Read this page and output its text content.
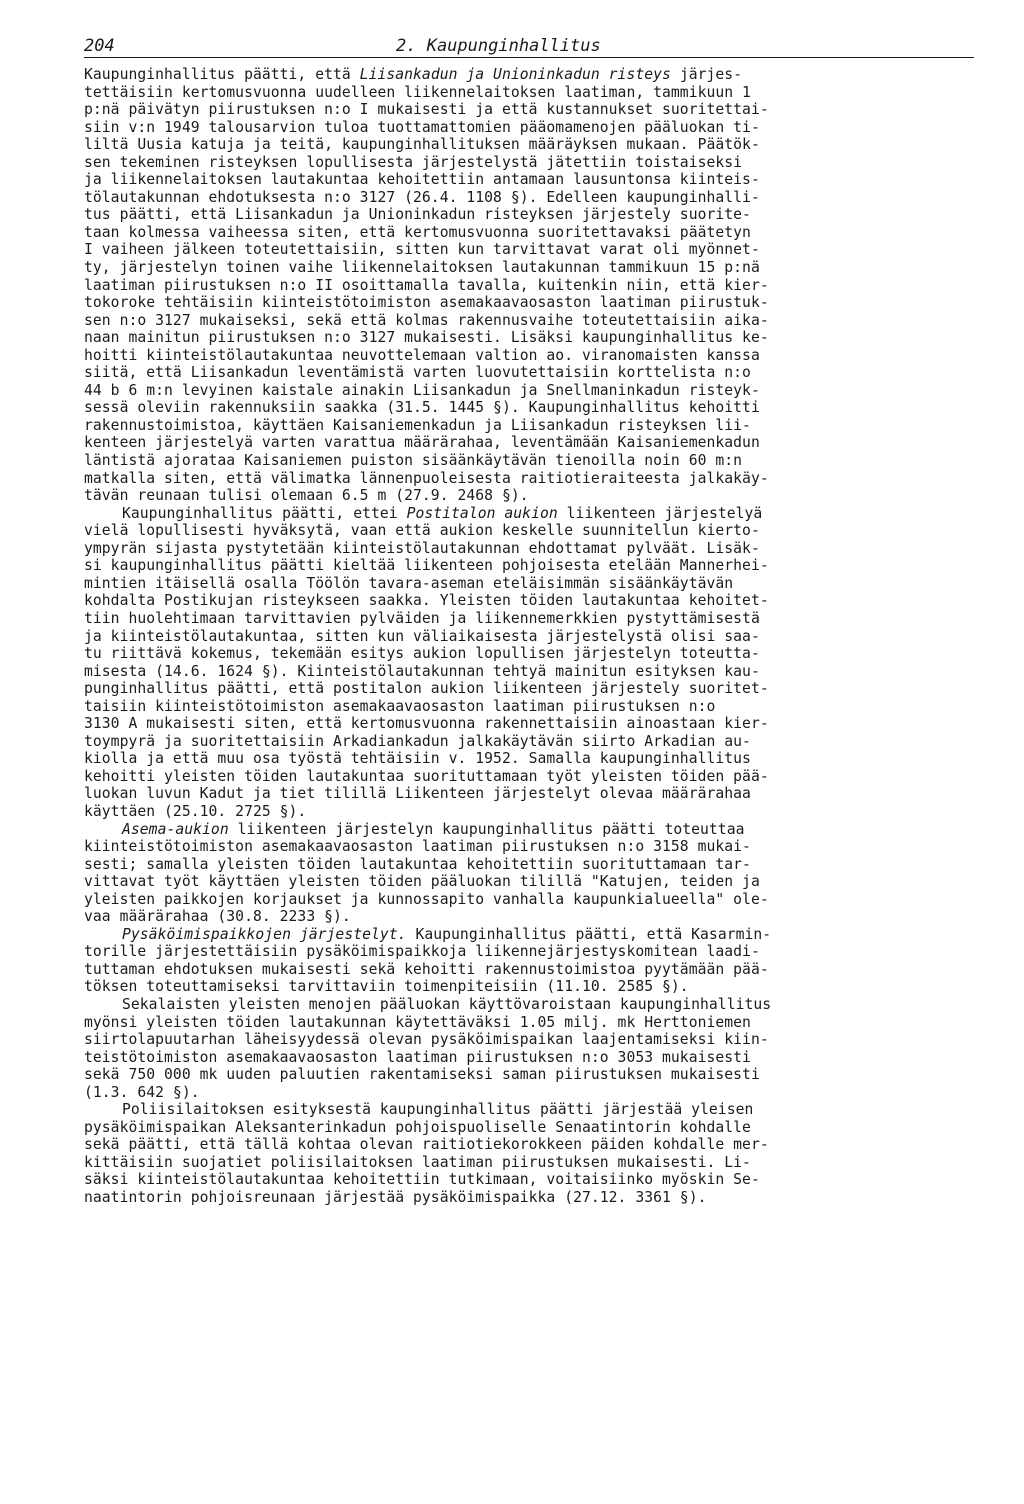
204	2. Kaupunginhallitus
Kaupunginhallitus päätti, että Liisankadun ja Unioninkadun risteys järjes-
tettäisiin kertomusvuonna uudelleen liikennelaitoksen laatiman, tammikuun 1
p:nä päivätyn piirustuksen n:o I mukaisesti ja että kustannukset suoritettai-
siin v:n 1949 talousarvion tuloa tuottamattomien pääomamenojen pääluokan ti-
liltä Uusia katuja ja teitä, kaupunginhallituksen määräyksen mukaan. Päätök-
sen tekeminen risteyksen lopullisesta järjestelystä jätettiin toistaiseksi
ja liikennelaitoksen lautakuntaa kehoitettiin antamaan lausuntonsa kiinteis-
tölautakunnan ehdotuksesta n:o 3127 (26.4. 1108 §). Edelleen kaupunginhalli-
tus päätti, että Liisankadun ja Unioninkadun risteyksen järjestely suorite-
taan kolmessa vaiheessa siten, että kertomusvuonna suoritettavaksi päätetyn
I vaiheen jälkeen toteutettaisiin, sitten kun tarvittavat varat oli myönnet-
ty, järjestelyn toinen vaihe liikennelaitoksen lautakunnan tammikuun 15 p:nä
laatiman piirustuksen n:o II osoittamalla tavalla, kuitenkin niin, että kier-
tokoroke tehtäisiin kiinteistötoimiston asemakaavaosaston laatiman piirustuk-
sen n:o 3127 mukaiseksi, sekä että kolmas rakennusvaihe toteutettaisiin aika-
naan mainitun piirustuksen n:o 3127 mukaisesti. Lisäksi kaupunginhallitus ke-
hoitti kiinteistölautakuntaa neuvottelemaan valtion ao. viranomaisten kanssa
siitä, että Liisankadun leventämistä varten luovutettaisiin korttelista n:o
44 b 6 m:n levyinen kaistale ainakin Liisankadun ja Snellmaninkadun risteyk-
sessä oleviin rakennuksiin saakka (31.5. 1445 §). Kaupunginhallitus kehoitti
rakennustoimistoa, käyttäen Kaisaniemenkadun ja Liisankadun risteyksen lii-
kenteen järjestelyä varten varattua määrärahaa, leventämään Kaisaniemenkadun
läntistä ajorataa Kaisaniemen puiston sisäänkäytävän tienoilla noin 60 m:n
matkalla siten, että välimatka lännenpuoleisesta raitiotieraiteesta jalkakäy-
tävän reunaan tulisi olemaan 6.5 m (27.9. 2468 §).
Kaupunginhallitus päätti, ettei Postitalon aukion liikenteen järjestelyä
vielä lopullisesti hyväksytä, vaan että aukion keskelle suunnitellun kierto-
ympyrän sijasta pystytetään kiinteistölautakunnan ehdottamat pylväät. Lisäk-
si kaupunginhallitus päätti kieltää liikenteen pohjoisesta etelään Mannerhei-
mintien itäisellä osalla Töölön tavara-aseman eteläisimmän sisäänkäytävän
kohdalta Postikujan risteykseen saakka. Yleisten töiden lautakuntaa kehoitet-
tiin huolehtimaan tarvittavien pylväiden ja liikennemerkkien pystyttämisestä
ja kiinteistölautakuntaa, sitten kun väliaikaisesta järjestelystä olisi saa-
tu riittävä kokemus, tekemään esitys aukion lopullisen järjestelyn toteutta-
misesta (14.6. 1624 §). Kiinteistölautakunnan tehtyä mainitun esityksen kau-
punginhallitus päätti, että postitalon aukion liikenteen järjestely suoritet-
taisiin kiinteistötoimiston asemakaavaosaston laatiman piirustuksen n:o
3130 A mukaisesti siten, että kertomusvuonna rakennettaisiin ainoastaan kier-
toympyrä ja suoritettaisiin Arkadiankadun jalkakäytävän siirto Arkadian au-
kiolla ja että muu osa työstä tehtäisiin v. 1952. Samalla kaupunginhallitus
kehoitti yleisten töiden lautakuntaa suorituttamaan työt yleisten töiden pää-
luokan luvun Kadut ja tiet tilillä Liikenteen järjestelyt olevaa määrärahaa
käyttäen (25.10. 2725 §).
Asema-aukion liikenteen järjestelyn kaupunginhallitus päätti toteuttaa
kiinteistötoimiston asemakaavaosaston laatiman piirustuksen n:o 3158 mukai-
sesti; samalla yleisten töiden lautakuntaa kehoitettiin suorituttamaan tar-
vittavat työt käyttäen yleisten töiden pääluokan tilillä "Katujen, teiden ja
yleisten paikkojen korjaukset ja kunnossapito vanhalla kaupunkialueella" ole-
vaa määrärahaa (30.8. 2233 §).
Pysäköimispaikkojen järjestelyt. Kaupunginhallitus päätti, että Kasarmin-
torille järjestettäisiin pysäköimispaikkoja liikennejärjestyskomitean laadi-
tuttaman ehdotuksen mukaisesti sekä kehoitti rakennustoimistoa pyytämään pää-
töksen toteuttamiseksi tarvittaviin toimenpiteisiin (11.10. 2585 §).
Sekalaisten yleisten menojen pääluokan käyttövaroistaan kaupunginhallitus
myönsi yleisten töiden lautakunnan käytettäväksi 1.05 milj. mk Herttoniemen
siirtolapuutarhan läheisyydessä olevan pysäköimispaikan laajentamiseksi kiin-
teistötoimiston asemakaavaosaston laatiman piirustuksen n:o 3053 mukaisesti
sekä 750 000 mk uuden paluutien rakentamiseksi saman piirustuksen mukaisesti
(1.3. 642 §).
Poliisilaitoksen esityksestä kaupunginhallitus päätti järjestää yleisen
pysäköimispaikan Aleksanterinkadun pohjoispuoliselle Senaatintorin kohdalle
sekä päätti, että tällä kohtaa olevan raitiotiekorokkeen päiden kohdalle mer-
kittäisiin suojatiet poliisilaitoksen laatiman piirustuksen mukaisesti. Li-
säksi kiinteistölautakuntaa kehoitettiin tutkimaan, voitaisiinko myöskin Se-
naatintorin pohjoisreunaan järjestää pysäköimispaikka (27.12. 3361 §).
